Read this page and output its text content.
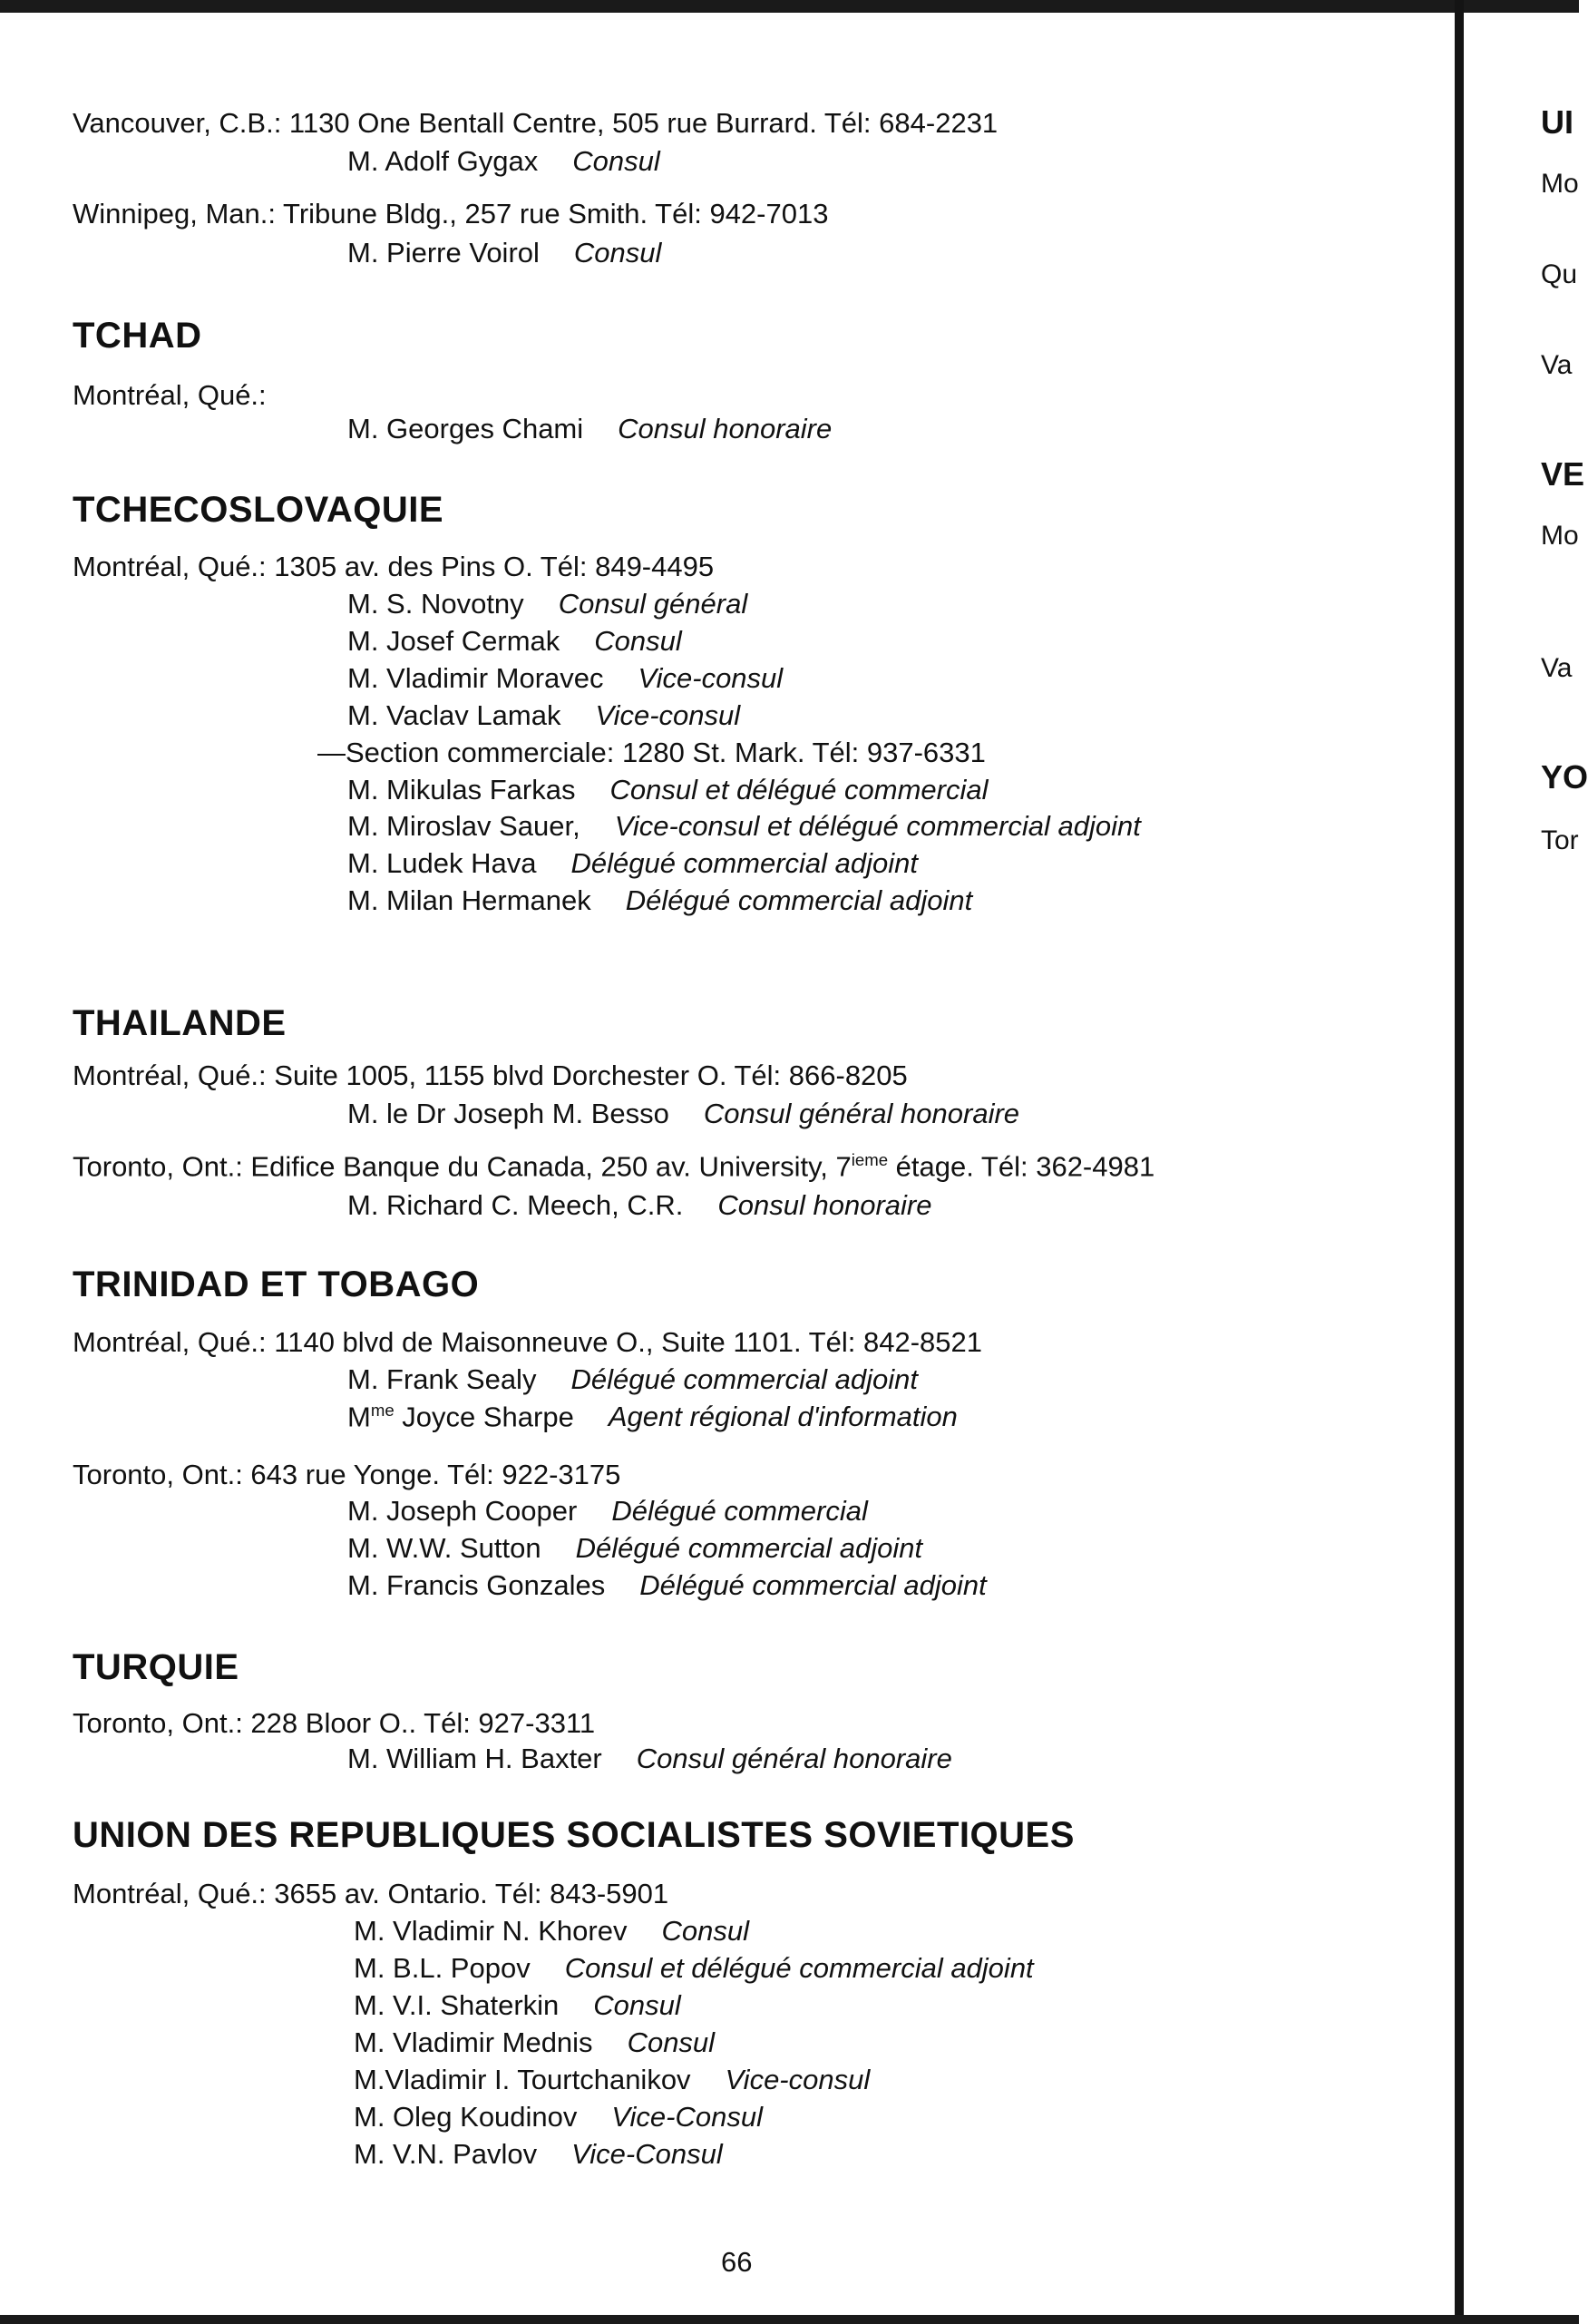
Vancouver, C.B.: 1130 One Bentall Centre, 505 rue Burrard. Tél: 684-2231
M. Adolf Gygax Consul
Winnipeg, Man.: Tribune Bldg., 257 rue Smith. Tél: 942-7013
M. Pierre Voirol Consul
TCHAD
Montréal, Qué.:
M. Georges Chami Consul honoraire
TCHECOSLOVAQUIE
Montréal, Qué.: 1305 av. des Pins O. Tél: 849-4495
M. S. Novotny Consul général
M. Josef Cermak Consul
M. Vladimir Moravec Vice-consul
M. Vaclav Lamak Vice-consul
—Section commerciale: 1280 St. Mark. Tél: 937-6331
M. Mikulas Farkas Consul et délégué commercial
M. Miroslav Sauer, Vice-consul et délégué commercial adjoint
M. Ludek Hava Délégué commercial adjoint
M. Milan Hermanek Délégué commercial adjoint
THAILANDE
Montréal, Qué.: Suite 1005, 1155 blvd Dorchester O. Tél: 866-8205
M. le Dr Joseph M. Besso Consul général honoraire
Toronto, Ont.: Edifice Banque du Canada, 250 av. University, 7ieme étage. Tél: 362-4981
M. Richard C. Meech, C.R. Consul honoraire
TRINIDAD ET TOBAGO
Montréal, Qué.: 1140 blvd de Maisonneuve O., Suite 1101. Tél: 842-8521
M. Frank Sealy Délégué commercial adjoint
$M^{me}$ Joyce Sharpe Agent régional d'information
Toronto, Ont.: 643 rue Yonge. Tél: 922-3175
M. Joseph Cooper Délégué commercial
M. W.W. Sutton Délégué commercial adjoint
M. Francis Gonzales Délégué commercial adjoint
TURQUIE
Toronto, Ont.: 228 Bloor O.. Tél: 927-3311
M. William H. Baxter Consul général honoraire
UNION DES REPUBLIQUES SOCIALISTES SOVIETIQUES
Montréal, Qué.: 3655 av. Ontario. Tél: 843-5901
M. Vladimir N. Khorev Consul
M. B.L. Popov Consul et délégué commercial adjoint
M. V.I. Shaterkin Consul
M. Vladimir Mednis Consul
M.Vladimir I. Tourtchanikov Vice-consul
M. Oleg Koudinov Vice-Consul
M. V.N. Pavlov Vice-Consul
66
UI
Mo
Qu
Va
VE
Mo
Va
YO
Tor
